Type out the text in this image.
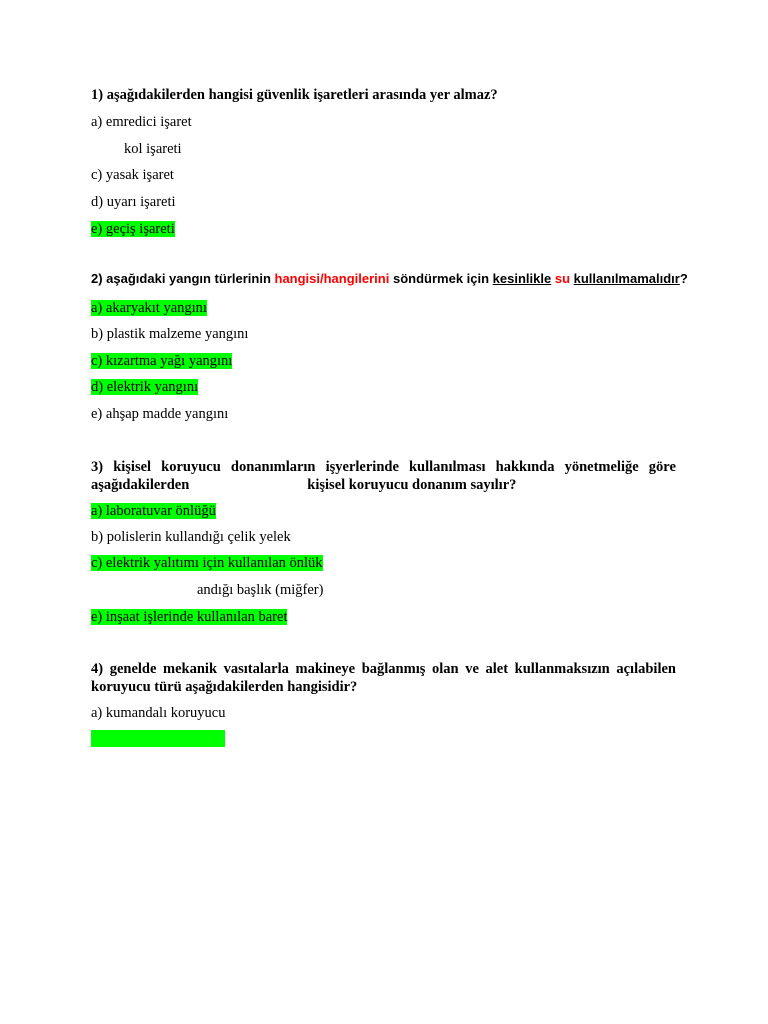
1) aşağıdakilerden hangisi güvenlik işaretleri arasında yer almaz?
a) emredici işaret
kol işareti
c) yasak işaret
d) uyarı işareti
e) geçiş işareti
2) aşağıdaki yangın türlerinin hangisi/hangilerini söndürmek için kesinlikle su kullanılmamalıdır?
a) akaryakıt yangını
b) plastik malzeme yangını
c) kızartma yağı yangını
d) elektrik yangını
e) ahşap madde yangını
3) kişisel koruyucu donanımların işyerlerinde kullanılması hakkında yönetmeliğe göre
aşağıdakilerden	kişisel koruyucu donanım sayılır?
a) laboratuvar önlüğü
b) polislerin kullandığı çelik yelek
c) elektrik yalıtımı için kullanılan önlük
andığı başlık (miğfer)
e) inşaat işlerinde kullanılan baret
4) genelde mekanik vasıtalarla makineye bağlanmış olan ve alet kullanmaksızın açılabilen
koruyucu türü aşağıdakilerden hangisidir?
a) kumandalı koruyucu
